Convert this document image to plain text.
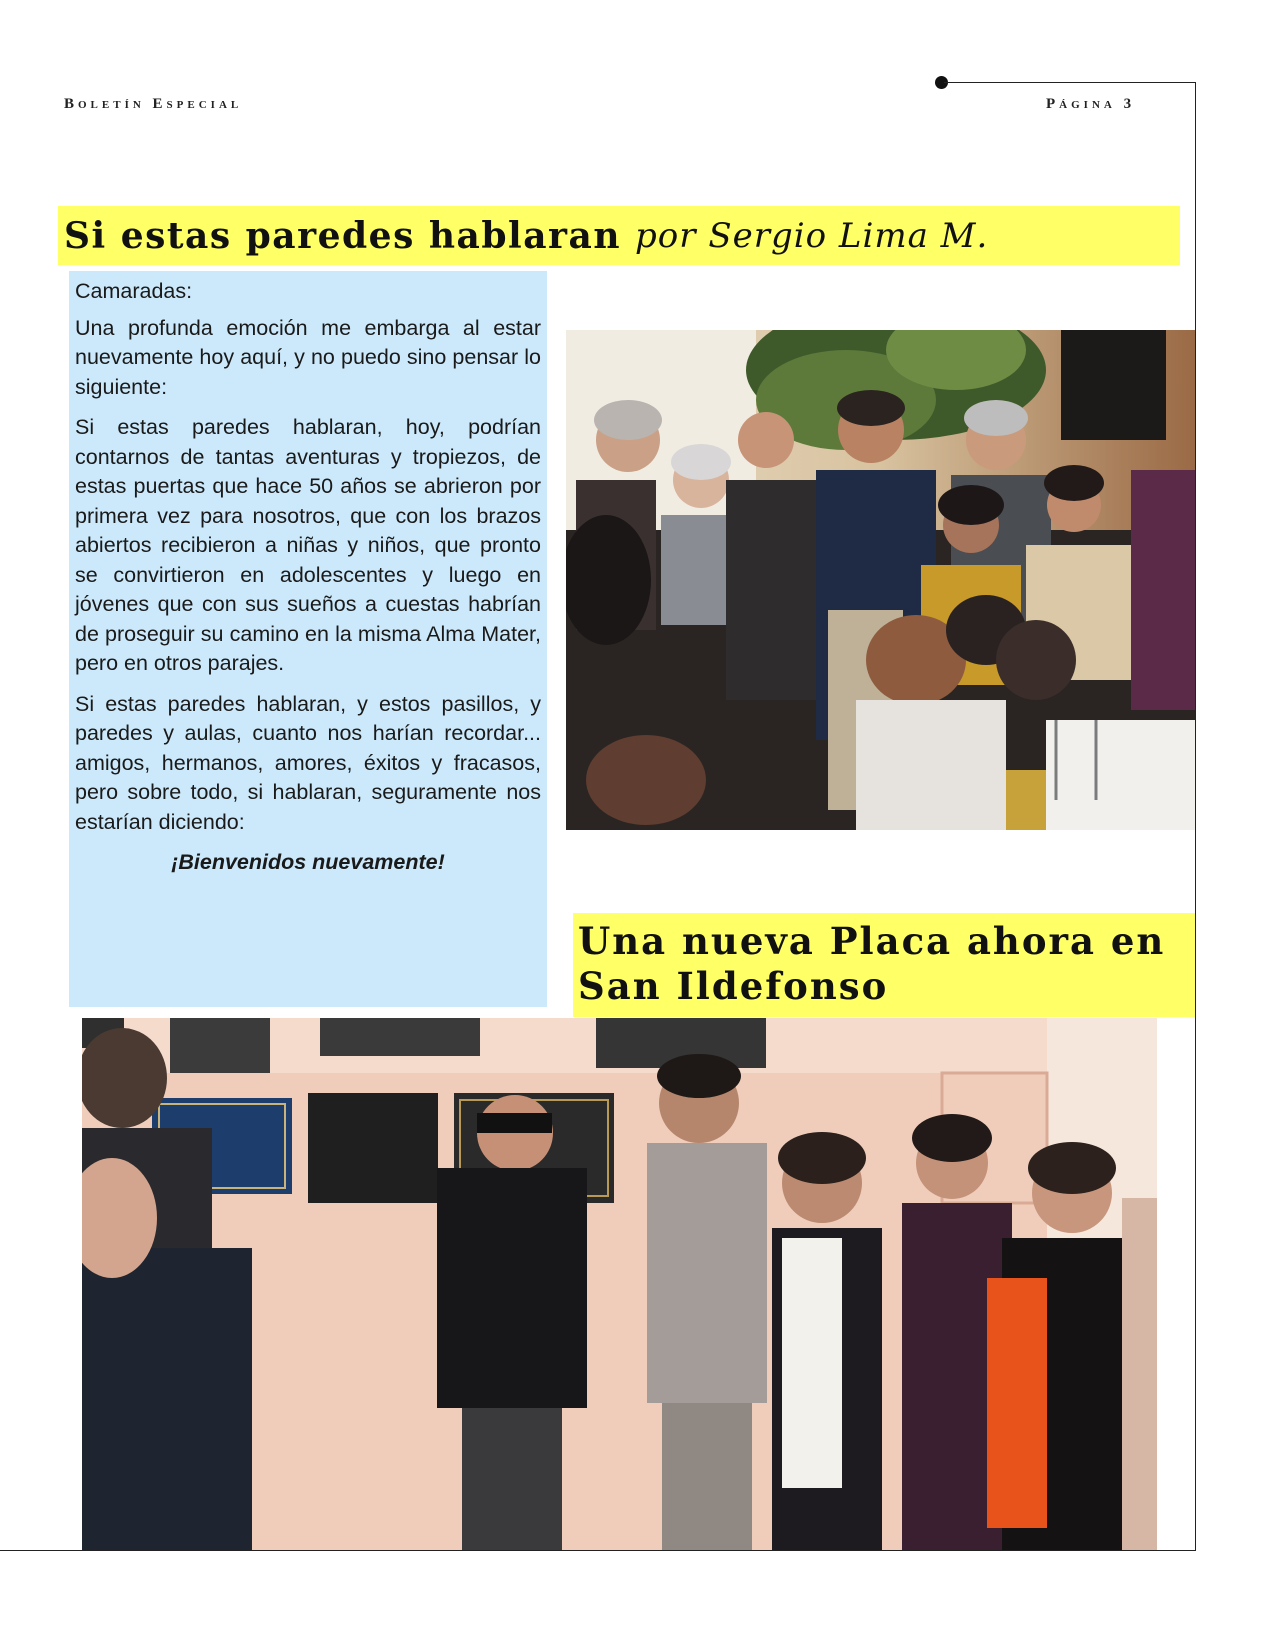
Boletín Especial	Página 3
Si estas paredes hablaran por Sergio Lima M.

Camaradas:

Una profunda emoción me embarga al estar nuevamente hoy aquí, y no puedo sino pensar lo siguiente:

Si estas paredes hablaran, hoy, podrían contarnos de tantas aventuras y tropiezos, de estas puertas que hace 50 años se abrieron por primera vez para nosotros, que con los brazos abiertos recibieron a niñas y niños, que pronto se convirtieron en adolescentes y luego en jóvenes que con sus sueños a cuestas habrían de proseguir su camino en la misma Alma Mater, pero en otros parajes.

Si estas paredes hablaran, y estos pasillos, y paredes y aulas, cuanto nos harían recordar... amigos, hermanos, amores, éxitos y fracasos, pero sobre todo, si hablaran, seguramente nos estarían diciendo:

¡Bienvenidos nuevamente!

Una nueva Placa ahora en San Ildefonso
